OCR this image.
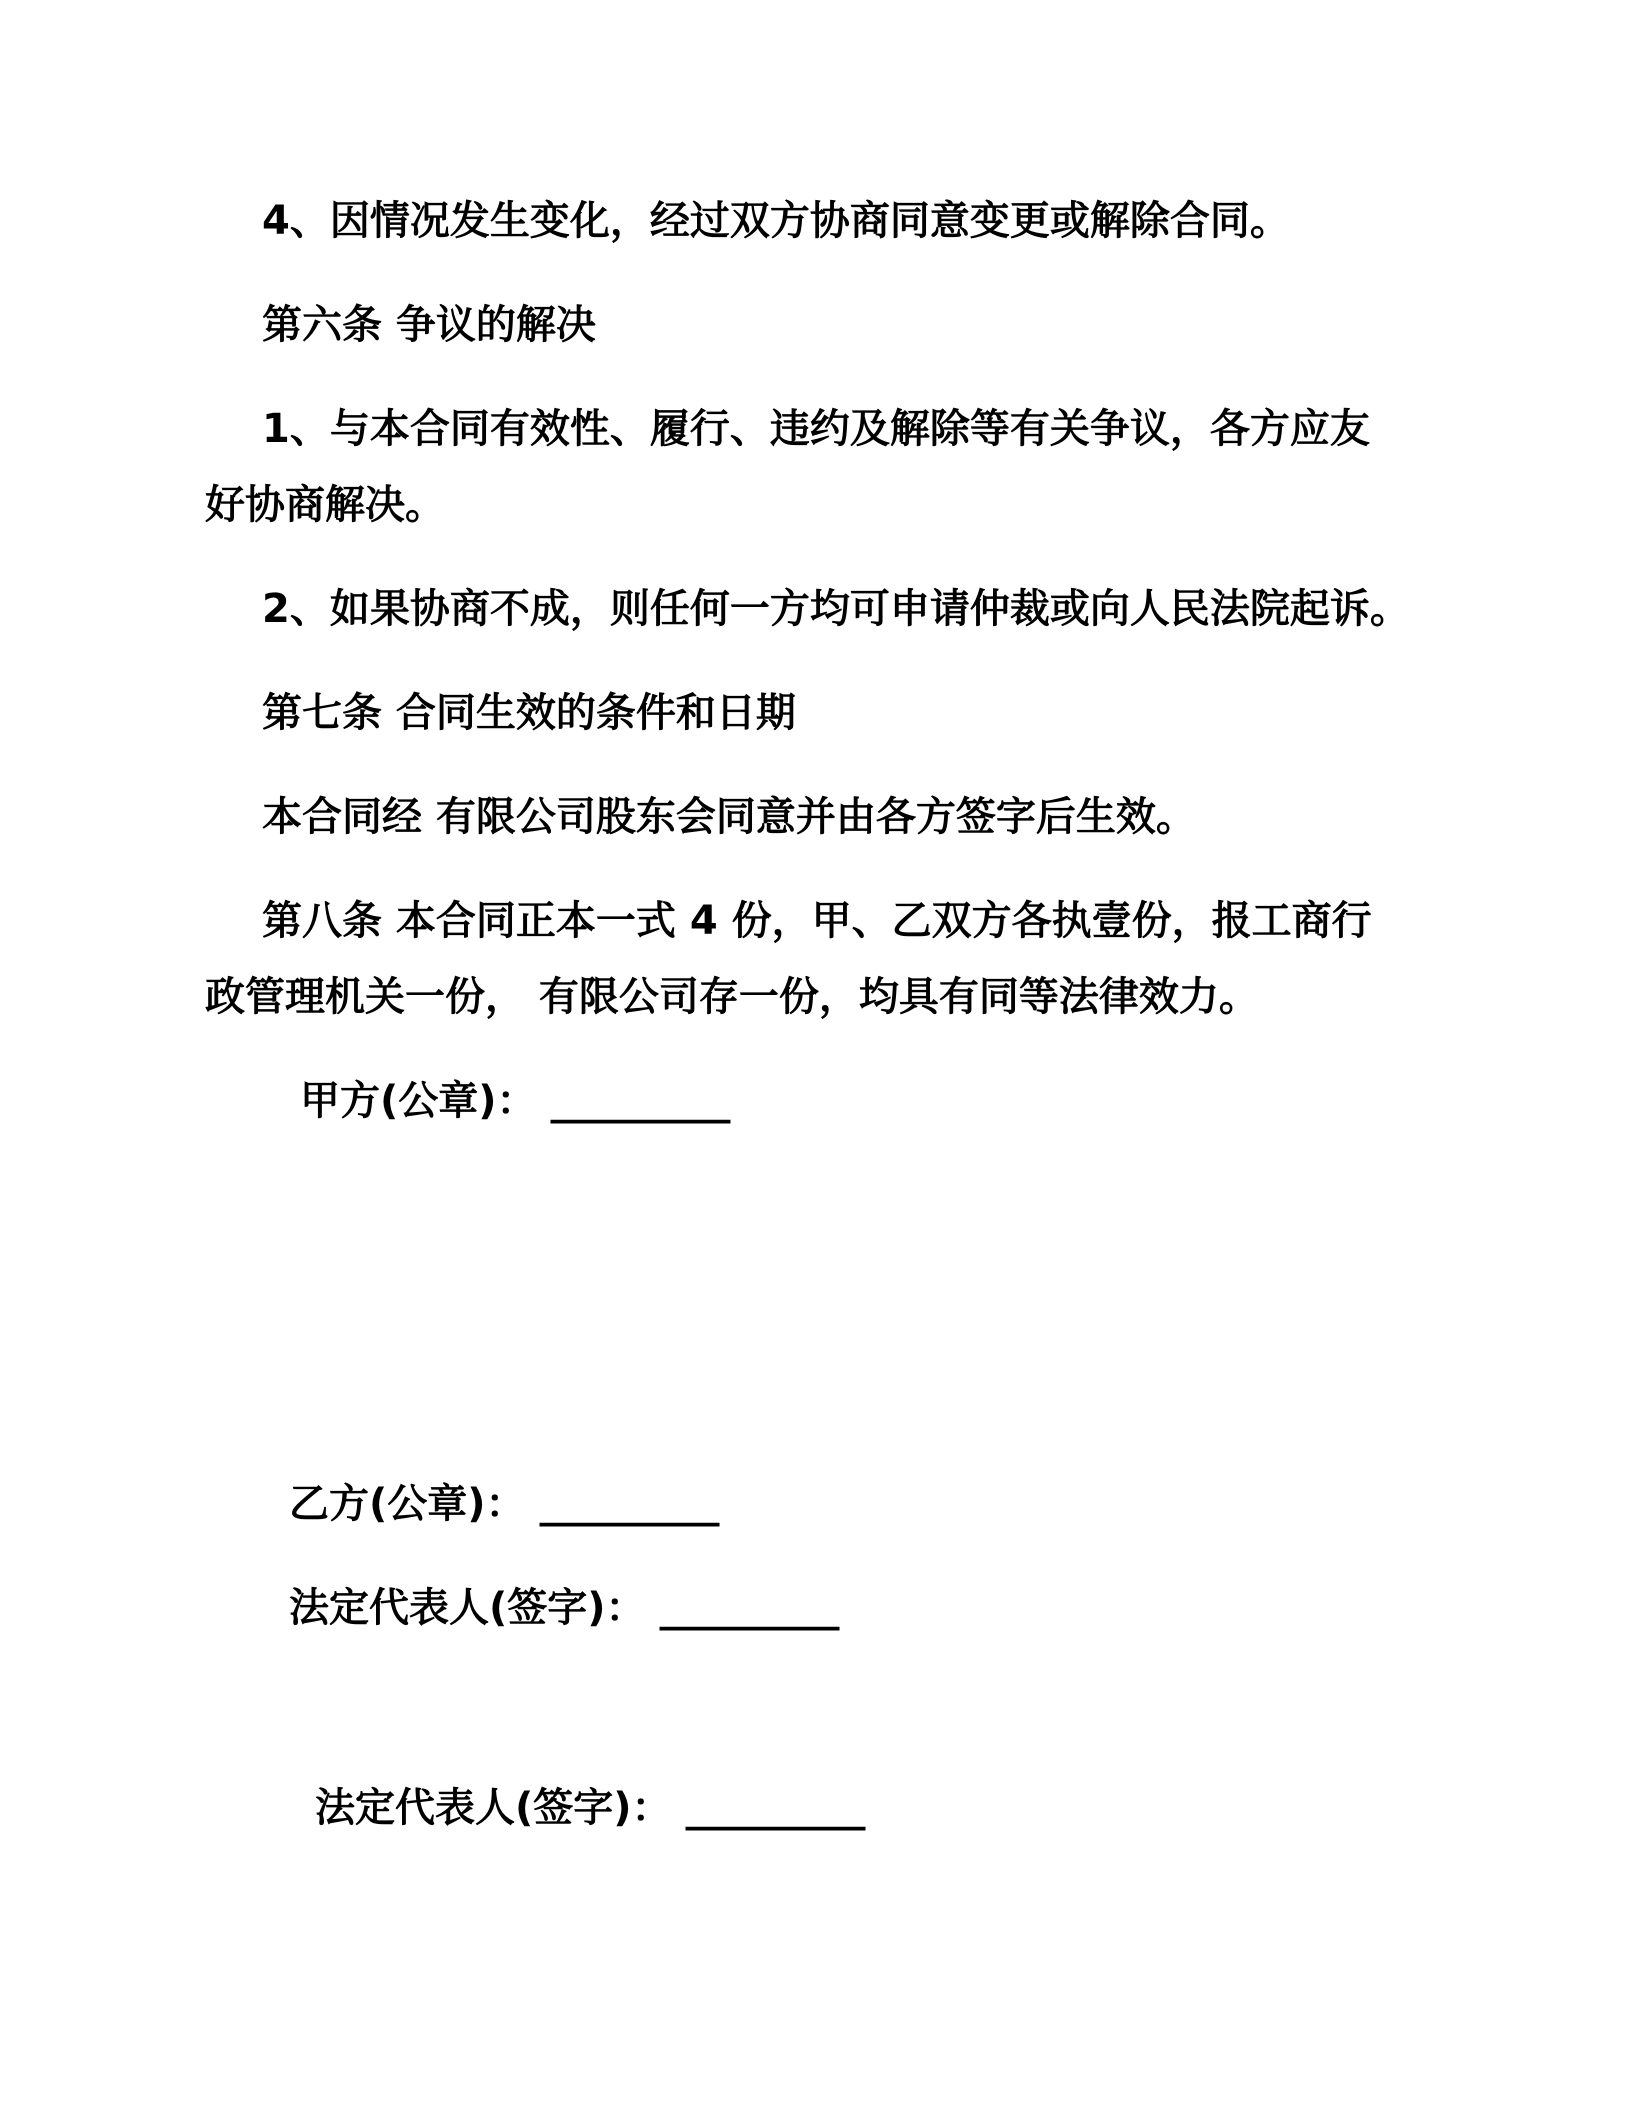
4、因情况发生变化，经过双方协商同意变更或解除合同。
第六条 争议的解决
1、与本合同有效性、履行、违约及解除等有关争议，各方应友
好协商解决。
2、如果协商不成，则任何一方均可申请仲裁或向人民法院起诉。
第七条 合同生效的条件和日期
本合同经 有限公司股东会同意并由各方签字后生效。
第八条 本合同正本一式 4 份，甲、乙双方各执壹份，报工商行
政管理机关一份， 有限公司存一份，均具有同等法律效力。
甲方(公章)： _________
乙方(公章)： _________
法定代表人(签字)： _________
法定代表人(签字)： _________
